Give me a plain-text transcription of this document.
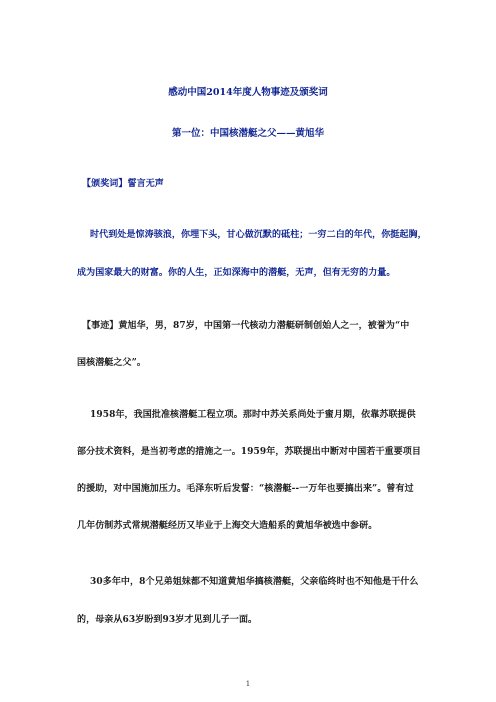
感动中国2014年度人物事迹及颁奖词
第一位：中国核潜艇之父——黄旭华
【颁奖词】誓言无声
时代到处是惊涛骇浪，你埋下头，甘心做沉默的砥柱；一穷二白的年代，你挺起胸，
成为国家最大的财富。你的人生，正如深海中的潜艇，无声，但有无穷的力量。
【事迹】黄旭华，男，87岁，中国第一代核动力潜艇研制创始人之一，被誉为“中
国核潜艇之父”。
1958年，我国批准核潜艇工程立项。那时中苏关系尚处于蜜月期，依靠苏联提供
部分技术资料，是当初考虑的措施之一。1959年，苏联提出中断对中国若干重要项目
的援助，对中国施加压力。毛泽东听后发誓：“核潜艇--一万年也要搞出来”。曾有过
几年仿制苏式常规潜艇经历又毕业于上海交大造船系的黄旭华被选中参研。
30多年中，8个兄弟姐妹都不知道黄旭华搞核潜艇，父亲临终时也不知他是干什么
的，母亲从63岁盼到93岁才见到儿子一面。
1
